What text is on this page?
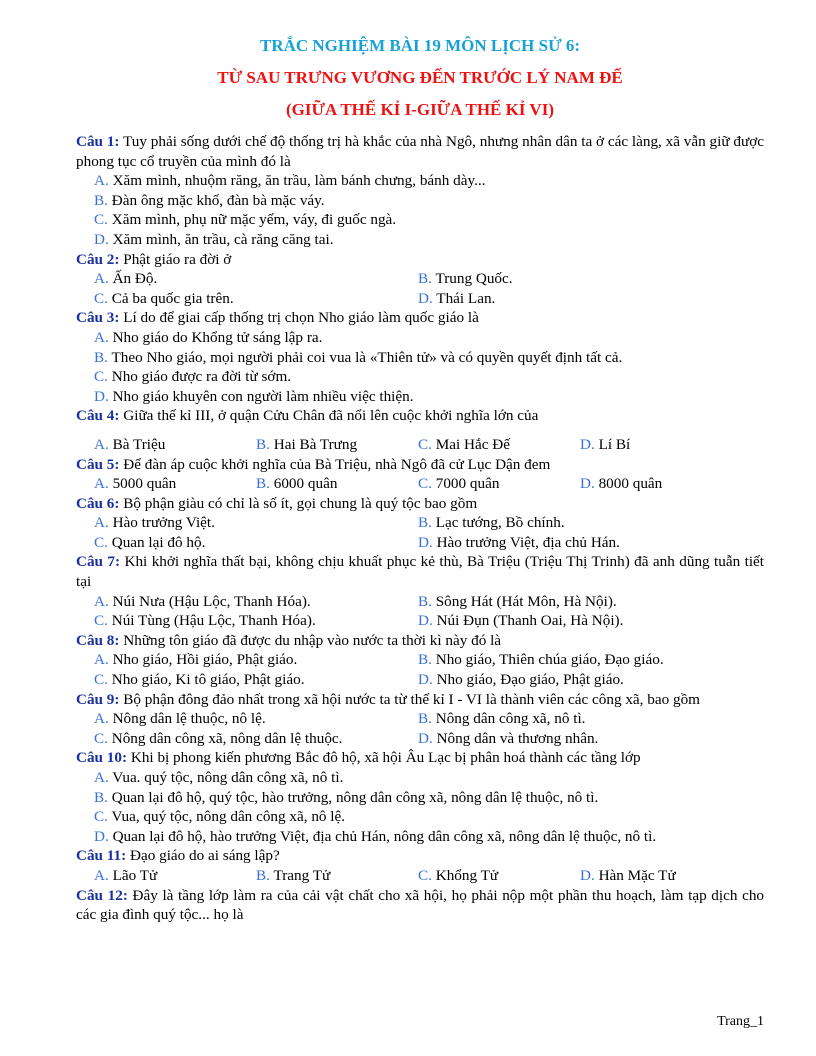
TRẮC NGHIỆM BÀI 19 MÔN LỊCH SỬ 6:
TỪ SAU TRƯNG VƯƠNG ĐẾN TRƯỚC LÝ NAM ĐẾ
(GIỮA THẾ KỈ I-GIỮA THẾ KỈ VI)
Câu 1: Tuy phải sống dưới chế độ thống trị hà khắc của nhà Ngô, nhưng nhân dân ta ở các làng, xã vẫn giữ được phong tục cổ truyền của mình đó là
A. Xăm mình, nhuộm răng, ăn trầu, làm bánh chưng, bánh dày...
B. Đàn ông mặc khố, đàn bà mặc váy.
C. Xăm mình, phụ nữ mặc yếm, váy, đi guốc ngà.
D. Xăm mình, ăn trầu, cà răng căng tai.
Câu 2: Phật giáo ra đời ở
A. Ấn Độ.	B. Trung Quốc.
C. Cả ba quốc gia trên.	D. Thái Lan.
Câu 3: Lí do để giai cấp thống trị chọn Nho giáo làm quốc giáo là
A. Nho giáo do Khổng tử sáng lập ra.
B. Theo Nho giáo, mọi người phải coi vua là «Thiên tử» và có quyền quyết định tất cả.
C. Nho giáo được ra đời từ sớm.
D. Nho giáo khuyên con người làm nhiều việc thiện.
Câu 4: Giữa thế kỉ III, ở quận Cửu Chân đã nổi lên cuộc khởi nghĩa lớn của
A. Bà Triệu	B. Hai Bà Trưng	C. Mai Hắc Đế	D. Lí Bí
Câu 5: Để đàn áp cuộc khởi nghĩa của Bà Triệu, nhà Ngô đã cử Lục Dận đem
A. 5000 quân	B. 6000 quân	C. 7000 quân	D. 8000 quân
Câu 6: Bộ phận giàu có chỉ là số ít, gọi chung là quý tộc bao gồm
A. Hào trưởng Việt.	B. Lạc tướng, Bồ chính.
C. Quan lại đô hộ.	D. Hào trưởng Việt, địa chủ Hán.
Câu 7: Khi khởi nghĩa thất bại, không chịu khuất phục kẻ thù, Bà Triệu (Triệu Thị Trinh) đã anh dũng tuẫn tiết tại
A. Núi Nưa (Hậu Lộc, Thanh Hóa).	B. Sông Hát (Hát Môn, Hà Nội).
C. Núi Tùng (Hậu Lộc, Thanh Hóa).	D. Núi Đụn (Thanh Oai, Hà Nội).
Câu 8: Những tôn giáo đã được du nhập vào nước ta thời kì này đó là
A. Nho giáo, Hồi giáo, Phật giáo.	B. Nho giáo, Thiên chúa giáo, Đạo giáo.
C. Nho giáo, Ki tô giáo, Phật giáo.	D. Nho giáo, Đạo giáo, Phật giáo.
Câu 9: Bộ phận đông đảo nhất trong xã hội nước ta từ thế kỉ I - VI là thành viên các công xã, bao gồm
A. Nông dân lệ thuộc, nô lệ.	B. Nông dân công xã, nô tì.
C. Nông dân công xã, nông dân lệ thuộc.	D. Nông dân và thương nhân.
Câu 10: Khi bị phong kiến phương Bắc đô hộ, xã hội Âu Lạc bị phân hoá thành các tầng lớp
A. Vua. quý tộc, nông dân công xã, nô tì.
B. Quan lại đô hộ, quý tộc, hào trưởng, nông dân công xã, nông dân lệ thuộc, nô tì.
C. Vua, quý tộc, nông dân công xã, nô lệ.
D. Quan lại đô hộ, hào trưởng Việt, địa chủ Hán, nông dân công xã, nông dân lệ thuộc, nô tì.
Câu 11: Đạo giáo do ai sáng lập?
A. Lão Tử	B. Trang Tử	C. Khổng Tử	D. Hàn Mặc Tử
Câu 12: Đây là tầng lớp làm ra của cải vật chất cho xã hội, họ phải nộp một phần thu hoạch, làm tạp dịch cho các gia đình quý tộc... họ là
Trang_1
